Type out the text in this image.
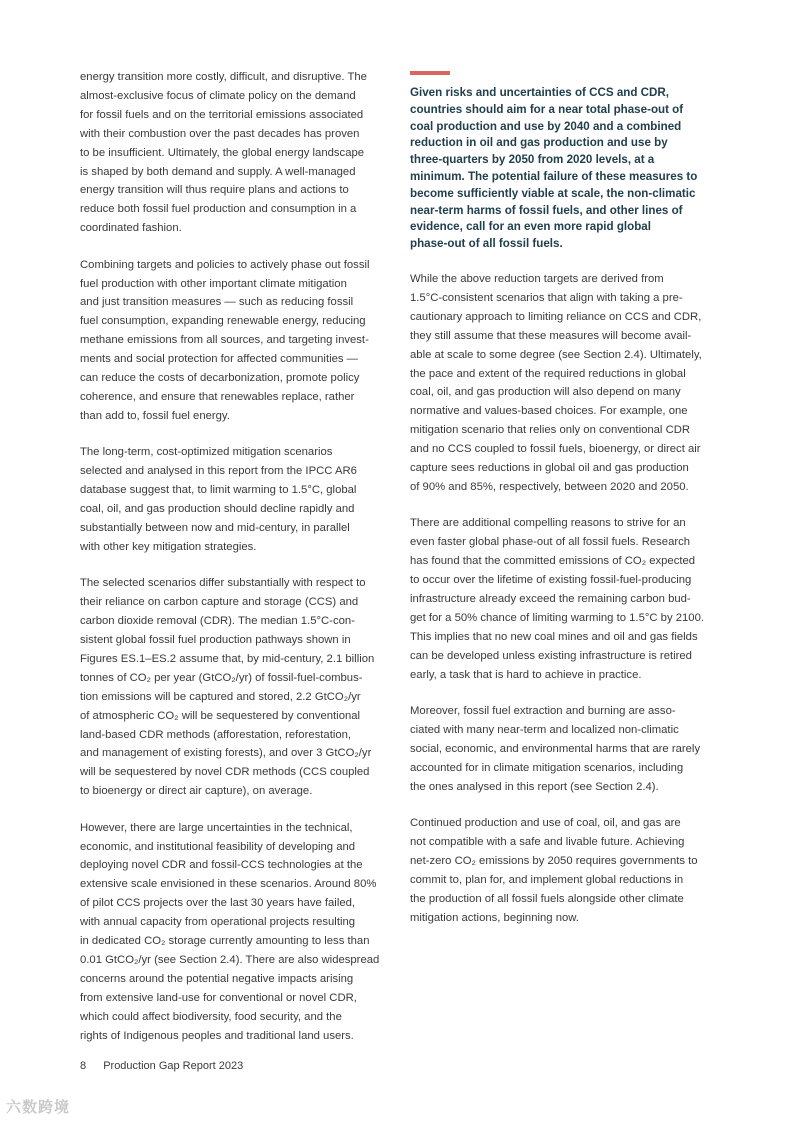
energy transition more costly, difficult, and disruptive. The
almost-exclusive focus of climate policy on the demand
for fossil fuels and on the territorial emissions associated
with their combustion over the past decades has proven
to be insufficient. Ultimately, the global energy landscape
is shaped by both demand and supply. A well-managed
energy transition will thus require plans and actions to
reduce both fossil fuel production and consumption in a
coordinated fashion.

Combining targets and policies to actively phase out fossil
fuel production with other important climate mitigation
and just transition measures — such as reducing fossil
fuel consumption, expanding renewable energy, reducing
methane emissions from all sources, and targeting invest-
ments and social protection for affected communities —
can reduce the costs of decarbonization, promote policy
coherence, and ensure that renewables replace, rather
than add to, fossil fuel energy.

The long-term, cost-optimized mitigation scenarios
selected and analysed in this report from the IPCC AR6
database suggest that, to limit warming to 1.5°C, global
coal, oil, and gas production should decline rapidly and
substantially between now and mid-century, in parallel
with other key mitigation strategies.

The selected scenarios differ substantially with respect to
their reliance on carbon capture and storage (CCS) and
carbon dioxide removal (CDR). The median 1.5°C-con-
sistent global fossil fuel production pathways shown in
Figures ES.1–ES.2 assume that, by mid-century, 2.1 billion
tonnes of CO₂ per year (GtCO₂/yr) of fossil-fuel-combus-
tion emissions will be captured and stored, 2.2 GtCO₂/yr
of atmospheric CO₂ will be sequestered by conventional
land-based CDR methods (afforestation, reforestation,
and management of existing forests), and over 3 GtCO₂/yr
will be sequestered by novel CDR methods (CCS coupled
to bioenergy or direct air capture), on average.

However, there are large uncertainties in the technical,
economic, and institutional feasibility of developing and
deploying novel CDR and fossil-CCS technologies at the
extensive scale envisioned in these scenarios. Around 80%
of pilot CCS projects over the last 30 years have failed,
with annual capacity from operational projects resulting
in dedicated CO₂ storage currently amounting to less than
0.01 GtCO₂/yr (see Section 2.4). There are also widespread
concerns around the potential negative impacts arising
from extensive land-use for conventional or novel CDR,
which could affect biodiversity, food security, and the
rights of Indigenous peoples and traditional land users.

Given risks and uncertainties of CCS and CDR,
countries should aim for a near total phase-out of
coal production and use by 2040 and a combined
reduction in oil and gas production and use by
three-quarters by 2050 from 2020 levels, at a
minimum. The potential failure of these measures to
become sufficiently viable at scale, the non-climatic
near-term harms of fossil fuels, and other lines of
evidence, call for an even more rapid global
phase-out of all fossil fuels.

While the above reduction targets are derived from
1.5°C-consistent scenarios that align with taking a pre-
cautionary approach to limiting reliance on CCS and CDR,
they still assume that these measures will become avail-
able at scale to some degree (see Section 2.4). Ultimately,
the pace and extent of the required reductions in global
coal, oil, and gas production will also depend on many
normative and values-based choices. For example, one
mitigation scenario that relies only on conventional CDR
and no CCS coupled to fossil fuels, bioenergy, or direct air
capture sees reductions in global oil and gas production
of 90% and 85%, respectively, between 2020 and 2050.

There are additional compelling reasons to strive for an
even faster global phase-out of all fossil fuels. Research
has found that the committed emissions of CO₂ expected
to occur over the lifetime of existing fossil-fuel-producing
infrastructure already exceed the remaining carbon bud-
get for a 50% chance of limiting warming to 1.5°C by 2100.
This implies that no new coal mines and oil and gas fields
can be developed unless existing infrastructure is retired
early, a task that is hard to achieve in practice.

Moreover, fossil fuel extraction and burning are asso-
ciated with many near-term and localized non-climatic
social, economic, and environmental harms that are rarely
accounted for in climate mitigation scenarios, including
the ones analysed in this report (see Section 2.4).

Continued production and use of coal, oil, and gas are
not compatible with a safe and livable future. Achieving
net-zero CO₂ emissions by 2050 requires governments to
commit to, plan for, and implement global reductions in
the production of all fossil fuels alongside other climate
mitigation actions, beginning now.

8 Production Gap Report 2023
六数跨境
